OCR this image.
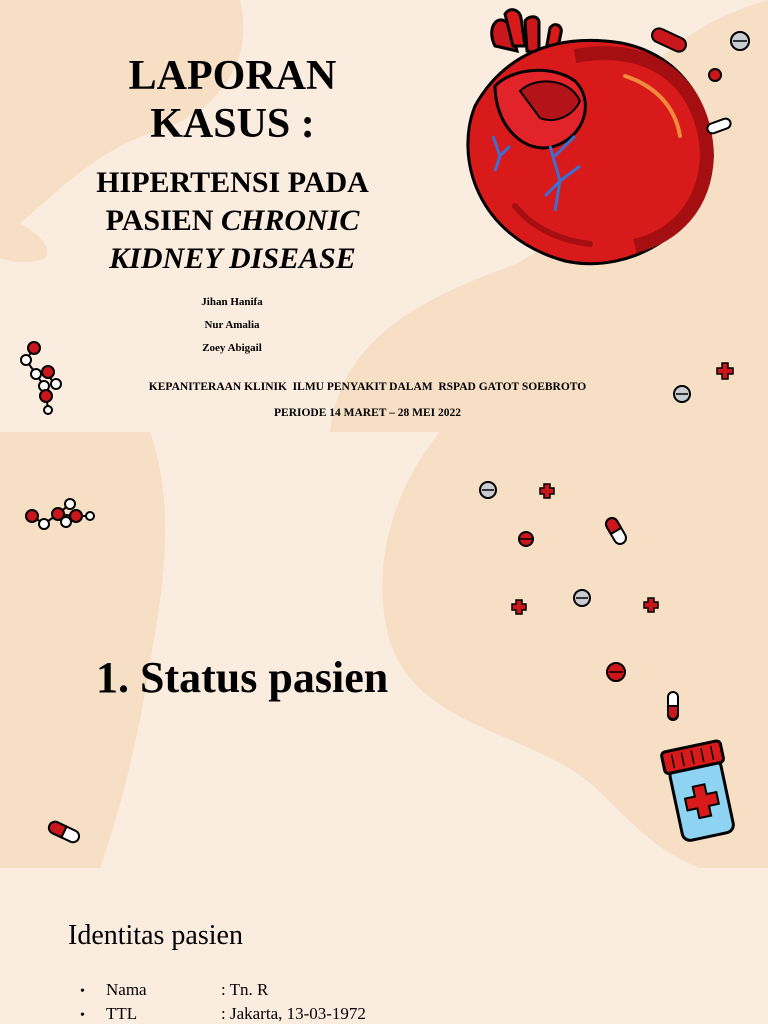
LAPORAN
KASUS :
HIPERTENSI PADA
PASIEN CHRONIC
KIDNEY DISEASE
Jihan Hanifa
Nur Amalia
Zoey Abigail
KEPANITERAAN KLINIK  ILMU PENYAKIT DALAM  RSPAD GATOT SOEBROTO
PERIODE 14 MARET – 28 MEI 2022
1. Status pasien
Identitas pasien
•	Nama	: Tn. R
•	TTL	: Jakarta, 13-03-1972
